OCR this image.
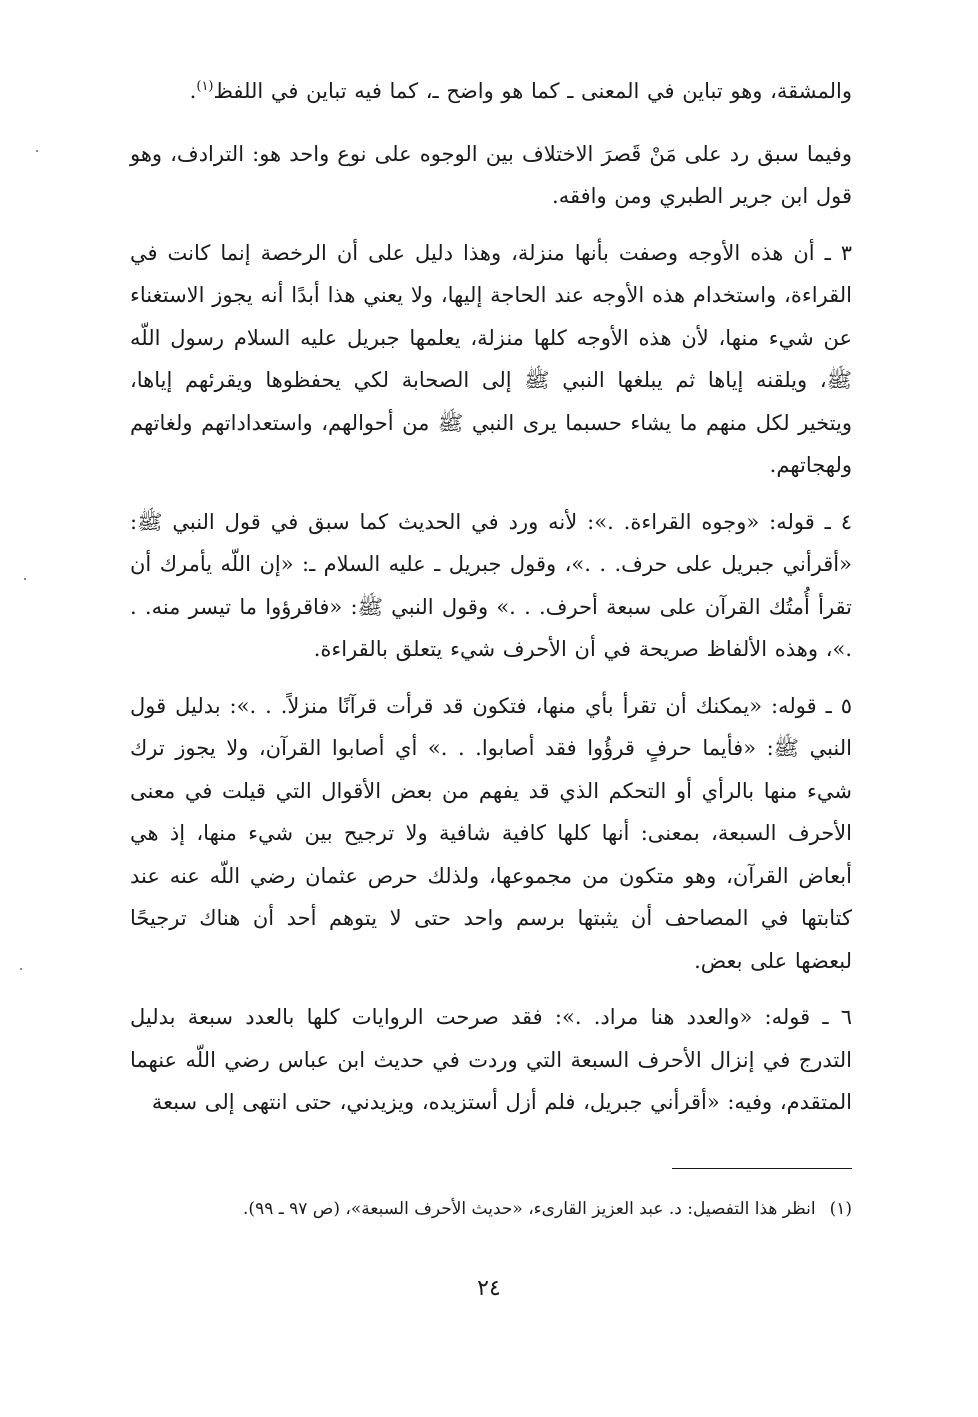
والمشقة، وهو تباين في المعنى ـ كما هو واضح ـ، كما فيه تباين في اللفظ$^{(١)}$.

وفيما سبق رد على مَنْ قَصرَ الاختلاف بين الوجوه على نوع واحد هو: الترادف، وهو قول ابن جرير الطبري ومن وافقه.

٣ ـ أن هذه الأوجه وصفت بأنها منزلة، وهذا دليل على أن الرخصة إنما كانت في القراءة، واستخدام هذه الأوجه عند الحاجة إليها، ولا يعني هذا أبدًا أنه يجوز الاستغناء عن شيء منها، لأن هذه الأوجه كلها منزلة، يعلمها جبريل عليه السلام رسول اللّه ﷺ، ويلقنه إياها ثم يبلغها النبي ﷺ إلى الصحابة لكي يحفظوها ويقرئهم إياها، ويتخير لكل منهم ما يشاء حسبما يرى النبي ﷺ من أحوالهم، واستعداداتهم ولغاتهم ولهجاتهم.

٤ ـ قوله: «وجوه القراءة. .»: لأنه ورد في الحديث كما سبق في قول النبي ﷺ: «أقرأني جبريل على حرف. . .»، وقول جبريل ـ عليه السلام ـ: «إن اللّه يأمرك أن تقرأ أُمتُك القرآن على سبعة أحرف. . .» وقول النبي ﷺ: «فاقرؤوا ما تيسر منه. . .»، وهذه الألفاظ صريحة في أن الأحرف شيء يتعلق بالقراءة.

٥ ـ قوله: «يمكنك أن تقرأ بأي منها، فتكون قد قرأت قرآنًا منزلاً. . .»: بدليل قول النبي ﷺ: «فأيما حرفٍ قرؤُوا فقد أصابوا. . .» أي أصابوا القرآن، ولا يجوز ترك شيء منها بالرأي أو التحكم الذي قد يفهم من بعض الأقوال التي قيلت في معنى الأحرف السبعة، بمعنى: أنها كلها كافية شافية ولا ترجيح بين شيء منها، إذ هي أبعاض القرآن، وهو متكون من مجموعها، ولذلك حرص عثمان رضي اللّه عنه عند كتابتها في المصاحف أن يثبتها برسم واحد حتى لا يتوهم أحد أن هناك ترجيحًا لبعضها على بعض.

٦ ـ قوله: «والعدد هنا مراد. .»: فقد صرحت الروايات كلها بالعدد سبعة بدليل التدرج في إنزال الأحرف السبعة التي وردت في حديث ابن عباس رضي اللّه عنهما المتقدم، وفيه: «أقرأني جبريل، فلم أزل أستزيده، ويزيدني، حتى انتهى إلى سبعة

(١)انظر هذا التفصيل: د. عبد العزيز القارىء، «حديث الأحرف السبعة»، (ص ٩٧ ـ ٩٩).
٢٤
